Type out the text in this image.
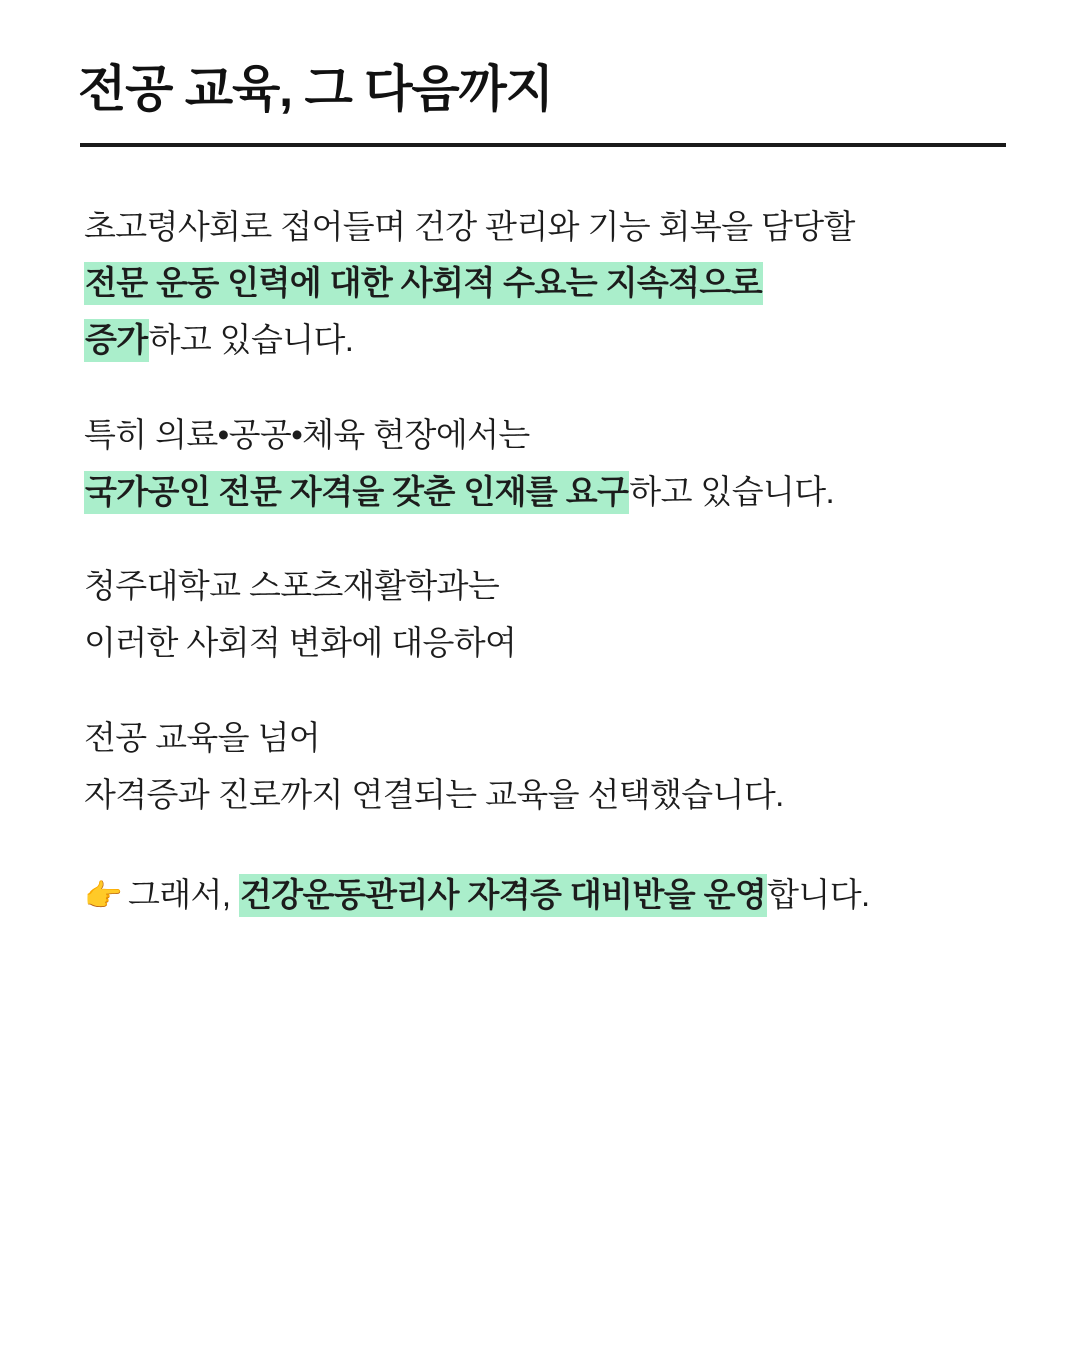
전공 교육, 그 다음까지

초고령사회로 접어들며 건강 관리와 기능 회복을 담당할
전문 운동 인력에 대한 사회적 수요는 지속적으로
증가하고 있습니다.

특히 의료•공공•체육 현장에서는
국가공인 전문 자격을 갖춘 인재를 요구하고 있습니다.

청주대학교 스포츠재활학과는
이러한 사회적 변화에 대응하여

전공 교육을 넘어
자격증과 진로까지 연결되는 교육을 선택했습니다.

👉 그래서, 건강운동관리사 자격증 대비반을 운영합니다.
